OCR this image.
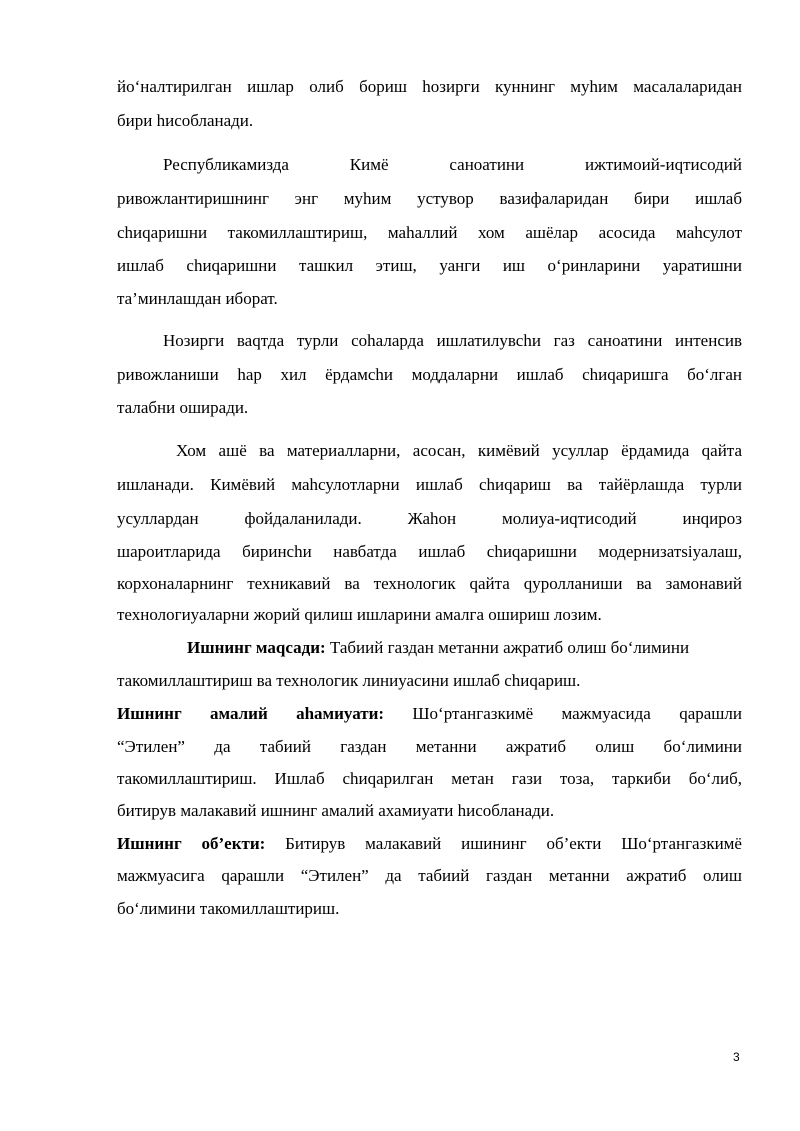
йо‘налтирилган ишлар олиб бориш hозирги куннинг муhим масалаларидан
бири hисобланади.
Республикамизда Кимё саноатини ижтимоий-иqтисодий
ривожлантиришнинг энг муhим устувор вазифаларидан бири ишлаб
сhиqаришни такомиллаштириш, маhаллий хом ашёлар асосида маhсулот
ишлаб сhиqаришни ташкил этиш, уанги иш о‘ринларини уаратишни
та’минлашдан иборат.
Нозирги ваqтда турли соhаларда ишлатилувсhи газ саноатини интенсив
ривожланиши hар хил ёрдамсhи моддаларни ишлаб сhиqаришга бо‘лган
талабни оширади.
Хом ашё ва материалларни, асосан, кимёвий усуллар ёрдамида qайта
ишланади. Кимёвий маhсулотларни ишлаб сhиqариш ва тайёрлашда турли
усуллардан фойдаланилади. Жаhон молиуа-иqтисодий инqироз
шароитларида биринсhи навбатда ишлаб сhиqаришни модернизатsiуалаш,
корхоналарнинг техникавий ва технологик qайта qуролланиши ва замонавий
технологиуаларни жорий qилиш ишларини амалга ошириш лозим.
Ишнинг маqсади: Табиий газдан метанни ажратиб олиш бо‘лимини
такомиллаштириш ва технологик линиуасини ишлаб сhиqариш.
Ишнинг амалий аhамиуати: Шо‘ртангазкимё мажмуасида qарашли
“Этилен” да табиий газдан метанни ажратиб олиш бо‘лимини
такомиллаштириш. Ишлаб сhиqарилган метан гази тоза, таркиби бо‘либ,
битирув малакавий ишнинг амалий ахамиуати hисобланади.
Ишнинг об’екти: Битирув малакавий ишининг об’екти Шо‘ртангазкимё
мажмуасига qарашли “Этилен” да табиий газдан метанни ажратиб олиш
бо‘лимини такомиллаштириш.
3
